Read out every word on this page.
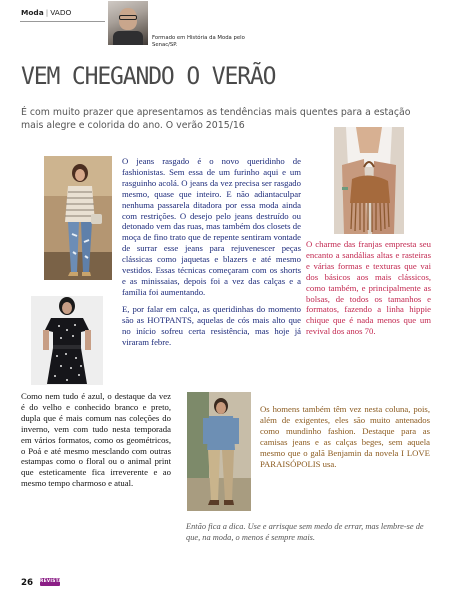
Moda | VADO
Formado em História da Moda pelo Senac/SP.
VEM CHEGANDO O VERÃO
É com muito prazer que apresentamos as tendências mais quentes para a estação mais alegre e colorida do ano. O verão 2015/16

O jeans rasgado é o novo queridinho de fashionistas. Sem essa de um furinho aqui e um rasguinho acolá. O jeans da vez precisa ser rasgado mesmo, quase que inteiro. E não adiantaculpar nenhuma passarela ditadora por essa moda ainda com restrições. O desejo pelo jeans destruído ou detonado vem das ruas, mas também dos closets de moça de fino trato que de repente sentiram vontade de surrar esse jeans para rejuvenescer peças clássicas como jaquetas e blazers e até mesmo vestidos. Essas técnicas começaram com os shorts e as minissaias, depois foi a vez das calças e a família foi aumentando.

E, por falar em calça, as queridinhas do momento são as HOTPANTS, aquelas de cós mais alto que no início sofreu certa resistência, mas hoje já viraram febre.

O charme das franjas empresta seu encanto a sandálias altas e rasteiras e várias formas e texturas que vai dos básicos aos mais clássicos, como também, e principalmente as bolsas, de todos os tamanhos e formatos, fazendo a linha hippie chique que é nada menos que um revival dos anos 70.
Como nem tudo é azul, o destaque da vez é do velho e conhecido branco e preto, dupla que é mais comum nas coleções do inverno, vem com tudo nesta temporada em vários formatos, como os geométricos, o Poá e até mesmo mesclando com outras estampas como o floral ou o animal print que esteticamente fica irreverente e ao mesmo tempo charmoso e atual.
Os homens também têm vez nesta coluna, pois, além de exigentes, eles são muito antenados como mundinho fashion. Destaque para as camisas jeans e as calças beges, sem aquela mesmo que o galã Benjamin da novela I LOVE PARAISÓPOLIS usa.
Então fica a dica. Use e arrisque sem medo de errar, mas lembre-se de que, na moda, o menos é sempre mais.
26 REVISTA
